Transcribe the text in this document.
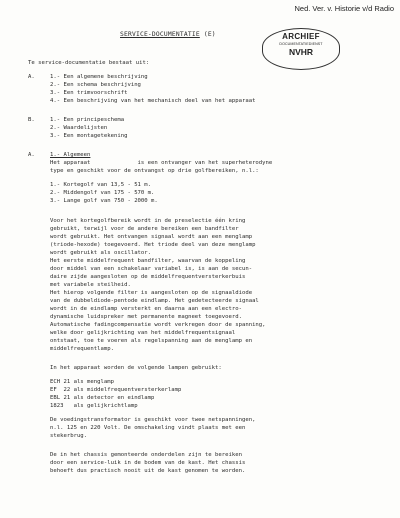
Ned. Ver. v. Historie v/d Radio
ARCHIEF
DOCUMENTATIEDIENST
NVHR
SERVICE-DOCUMENTATIE (E)
Te service-documentatie bestaat uit:
A.	1.- Een algemene beschrijving
2.- Een schema beschrijving
3.- Een trimvoorschrift
4.- Een beschrijving van het mechanisch deel van het apparaat
B.	1.- Een principeschema
2.- Waardelijsten
3.- Een montagetekening
A.	1.- Algemeen
Het apparaat              is een ontvanger van het superheterodyne
type en geschikt voor de ontvangst op drie golfbereiken, n.l.:
1.- Kortegolf van 13,5 - 51 m.
2.- Middengolf van 175 - 570 m.
3.- Lange golf van 750 - 2000 m.
Voor het kortegolfbereik wordt in de preselectie één kring
gebruikt, terwijl voor de andere bereiken een bandfilter
wordt gebruikt. Het ontvangen signaal wordt aan een menglamp
(triode-hexode) toegevoerd. Het triode deel van deze menglamp
wordt gebruikt als oscillator.
Het eerste middelfrequent bandfilter, waarvan de koppeling
door middel van een schakelaar variabel is, is aan de secun-
daire zijde aangesloten op de middelfrequentversterkerbuis
met variabele steilheid.
Het hierop volgende filter is aangesloten op de signaaldiode
van de dubbeldiode-pentode eindlamp. Het gedetecteerde signaal
wordt in de eindlamp versterkt en daarna aan een electro-
dynamische luidspreker met permanente magneet toegevoerd.
Automatische fadingcompensatie wordt verkregen door de spanning,
welke door gelijkrichting van het middelfrequentsignaal
ontstaat, toe te voeren als regelspanning aan de menglamp en
middelfrequentlamp.
In het apparaat worden de volgende lampen gebruikt:
ECH 21 als menglamp
EF  22 als middelfrequentversterkerlamp
EBL 21 als detector en eindlamp
1823   als gelijkrichtlamp
De voedingstransformator is geschikt voor twee netspanningen,
n.l. 125 en 220 Volt. De omschakeling vindt plaats met een
stekerbrug.
De in het chassis gemonteerde onderdelen zijn te bereiken
door een service-luik in de bodem van de kast. Het chassis
behoeft dus practisch nooit uit de kast genomen te worden.
